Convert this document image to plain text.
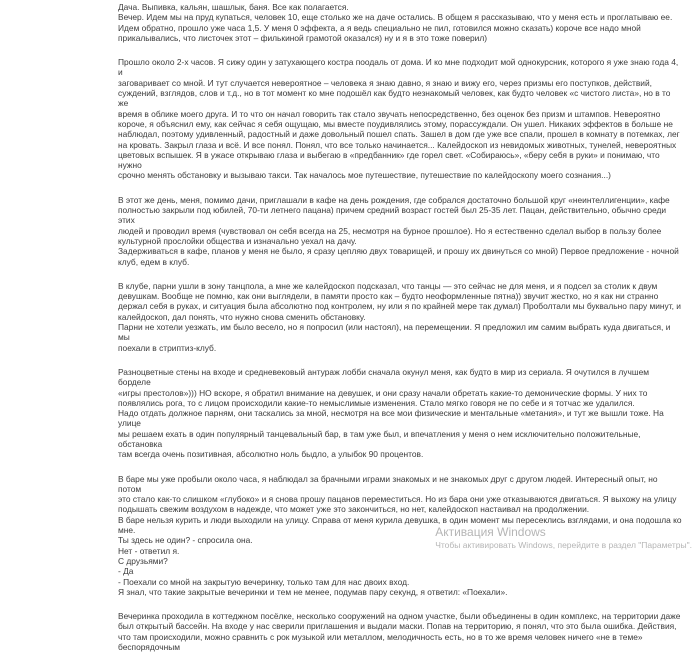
Дача. Выпивка, кальян, шашлык, баня. Все как полагается.
Вечер. Идем мы на пруд купаться, человек 10, еще столько же на даче остались. В общем я рассказываю, что у меня есть и проглатываю ее.
Идем обратно, прошло уже часа 1,5. У меня 0 эффекта, а я ведь специально не пил, готовился можно сказать) короче все надо мной
прикалывались, что листочек этот – филькиной грамотой оказался) ну и я в это тоже поверил)

Прошло около 2-х часов. Я сижу один у затухающего костра поодаль от дома. И ко мне подходит мой однокурсник, которого я уже знаю года 4, и
заговаривает со мной. И тут случается невероятное – человека я знаю давно, я знаю и вижу его, через призмы его поступков, действий,
суждений, взглядов, слов и т.д., но в тот момент ко мне подошёл как будто незнакомый человек, как будто человек «с чистого листа», но в то же
время в облике моего друга. И то что он начал говорить так стало звучать непосредственно, без оценок без призм и штампов. Невероятно
короче, я объяснил ему, как сейчас я себя ощущаю, мы вместе поудивлялись этому, порассуждали. Он ушел. Никаких эффектов в больше не
наблюдал, поэтому удивленный, радостный и даже довольный пошел спать. Зашел в дом где уже все спали, прошел в комнату в потемках, лег
на кровать. Закрыл глаза и всё. И все понял. Понял, что все только начинается... Калейдоскоп из невидомых животных, тунелей, невероятных
цветовых вспышек. Я в ужасе открываю глаза и выбегаю в «предбанник» где горел свет. «Собираюсь», «беру себя в руки» и понимаю, что нужно
срочно менять обстановку и вызываю такси. Так началось мое путешествие, путешествие по калейдоскопу моего сознания...)

В этот же день, меня, помимо дачи, приглашали в кафе на день рождения, где собрался достаточно большой круг «неинтеллигенции», кафе
полностью закрыли под юбилей, 70-ти летнего пацана) причем средний возраст гостей был 25-35 лет. Пацан, действительно, обычно среди этих
людей и проводил время (чувствовал он себя всегда на 25, несмотря на бурное прошлое). Но я естественно сделал выбор в пользу более
культурной прослойки общества и изначально уехал на дачу.
Задерживаться в кафе, планов у меня не было, я сразу цепляю двух товарищей, и прошу их двинуться со мной) Первое предложение - ночной
клуб, едем в клуб.

В клубе, парни ушли в зону танцпола, а мне же калейдоскоп подсказал, что танцы — это сейчас не для меня, и я подсел за столик к двум
девушкам. Вообще не помню, как они выглядели, в памяти просто как – будто неоформленные пятна)) звучит жестко, но я как ни странно
держал себя в руках, и ситуация была абсолютно под контролем, ну или я по крайней мере так думал) Проболтали мы буквально пару минут, и
калейдоскоп, дал понять, что нужно снова сменить обстановку.
Парни не хотели уезжать, им было весело, но я попросил (или настоял), на перемещении. Я предложил им самим выбрать куда двигаться, и мы
поехали в стриптиз-клуб.

Разноцветные стены на входе и средневековый антураж лобби сначала окунул меня, как будто в мир из сериала. Я очутился в лучшем борделе
«игры престолов»))) НО вскоре, я обратил внимание на девушек, и они сразу начали обретать какие-то демонические формы. У них то
появлялись рога, то с лицом происходили какие-то немыслимые изменения. Стало мягко говоря не по себе и я тотчас же удалился.
Надо отдать должное парням, они таскались за мной, несмотря на все мои физические и ментальные «метания», и тут же вышли тоже. На улице
мы решаем ехать в один популярный танцевальный бар, в там уже был, и впечатления у меня о нем исключительно положительные, обстановка
там всегда очень позитивная, абсолютно ноль быдло, а улыбок 90 процентов.

В баре мы уже пробыли около часа, я наблюдал за брачными играми знакомых и не знакомых друг с другом людей. Интересный опыт, но потом
это стало как-то слишком «глубоко» и я снова прошу пацанов переместиться. Но из бара они уже отказываются двигаться. Я выхожу на улицу
подышать свежим воздухом в надежде, что может уже это закончиться, но нет, калейдоскоп настаивал на продолжении.
В баре нельзя курить и люди выходили на улицу. Справа от меня курила девушка, в один момент мы пересеклись взглядами, и она подошла ко
мне.
Ты здесь не один? - спросила она.
Нет - ответил я.
С друзьями?
- Да
- Поехали со мной на закрытую вечеринку, только там для нас двоих вход.
Я знал, что такие закрытые вечеринки и тем не менее, подумав пару секунд, я ответил: «Поехали».

Вечеринка проходила в коттеджном посёлке, несколько сооружений на одном участке, были объединены в один комплекс, на территории даже
был открытый бассейн. На входе у нас сверили приглашения и выдали маски. Попав на территорию, я понял, что это была ошибка. Действия,
что там происходили, можно сравнить с рок музыкой или металлом, мелодичность есть, но в то же время человек ничего «не в теме» беспорядочным

Активация Windows
Чтобы активировать Windows, перейдите в раздел "Параметры".
